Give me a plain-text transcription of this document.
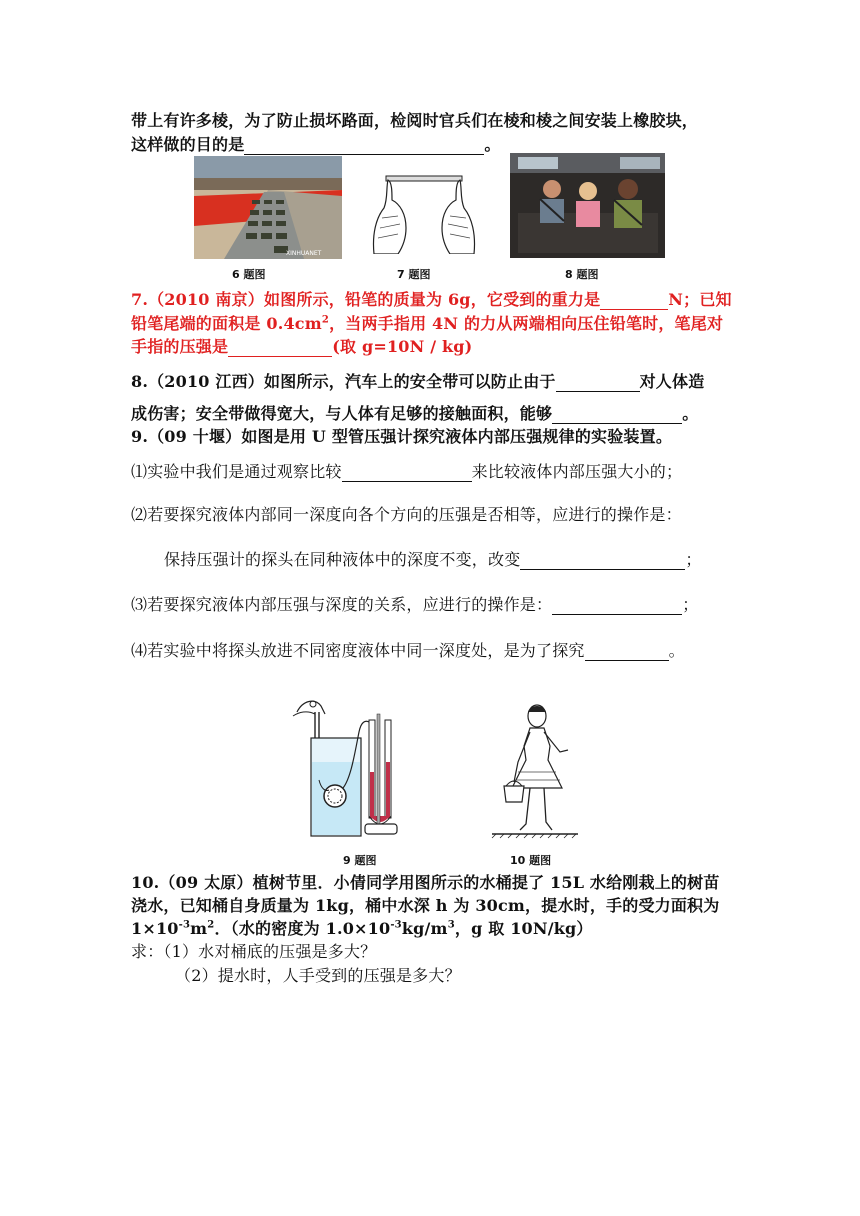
带上有许多棱，为了防止损坏路面，检阅时官兵们在棱和棱之间安装上橡胶块，
这样做的目的是	。
XINHUANET
6 题图	7 题图	8 题图
7.（2010 南京）如图所示，铅笔的质量为 6g，它受到的重力是	N；已知
铅笔尾端的面积是 $0.4cm^2$，当两手指用 4N 的力从两端相向压住铅笔时，笔尾对
手指的压强是	(取 g=10N / kg)
8.（2010 江西）如图所示，汽车上的安全带可以防止由于	对人体造
成伤害；安全带做得宽大，与人体有足够的接触面积，能够	。
9.（09 十堰）如图是用 U 型管压强计探究液体内部压强规律的实验装置。
⑴实验中我们是通过观察比较	来比较液体内部压强大小的；
⑵若要探究液体内部同一深度向各个方向的压强是否相等，应进行的操作是：
保持压强计的探头在同种液体中的深度不变，改变	；
⑶若要探究液体内部压强与深度的关系，应进行的操作是：	；
⑷若实验中将探头放进不同密度液体中同一深度处，是为了探究	。
9 题图	10 题图
10.（09 太原）植树节里．小倩同学用图所示的水桶提了 15L 水给刚栽上的树苗
浇水，已知桶自身质量为 1kg，桶中水深 h 为 30cm，提水时，手的受力面积为
$1\times 10^{-3}m^2$．（水的密度为 $1.0\times 10^{-3}kg/m^3$，g 取 10N/kg）
求：（1）水对桶底的压强是多大？
（2）提水时，人手受到的压强是多大？
